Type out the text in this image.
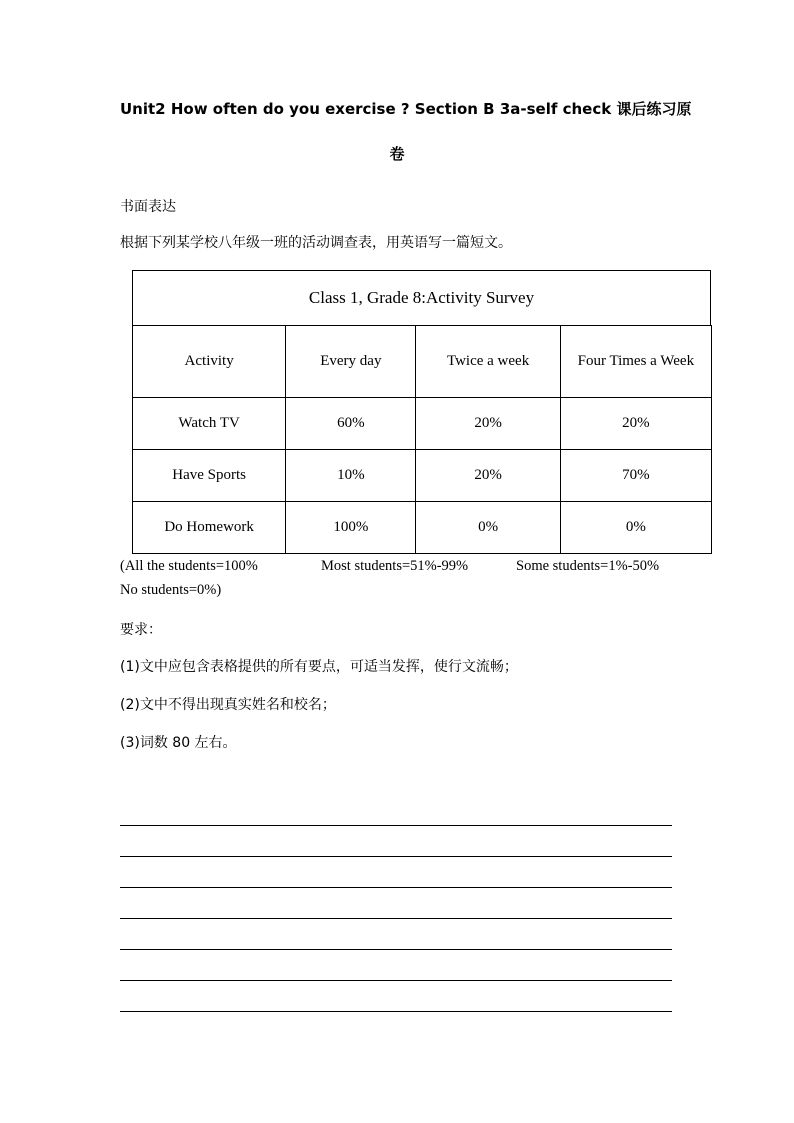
Unit2 How often do you exercise ? Section B 3a-self check 课后练习原
卷
书面表达
根据下列某学校八年级一班的活动调查表，用英语写一篇短文。
Class 1, Grade 8:Activity Survey
Activity	Every day	Twice a week	Four Times a Week
Watch TV	60%	20%	20%
Have Sports	10%	20%	70%
Do Homework	100%	0%	0%
(All the students=100%	Most students=51%-99%	Some students=1%-50%
No students=0%)
要求：
(1)文中应包含表格提供的所有要点，可适当发挥，使行文流畅；
(2)文中不得出现真实姓名和校名；
(3)词数 80 左右。
